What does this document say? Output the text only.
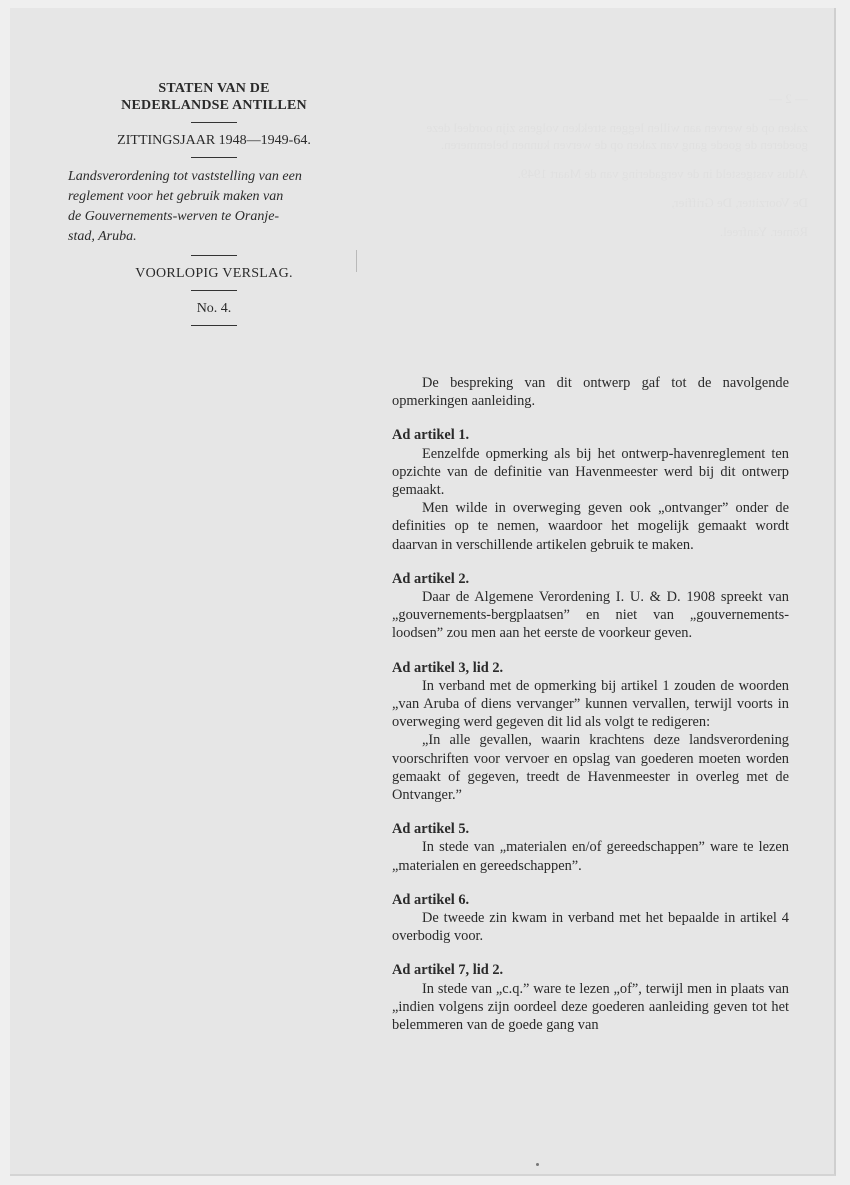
— 2 —

zaken op de werven aan willen leggen strekken volgens zijn oordeel deze goederen de goede gang van zaken op de werven kunnen belemmeren.

Aldus vastgesteld in de vergadering van de Maart 1949.

De Voorzitter, De Griffier,

Römer. Yanfreel.

STATEN VAN DE
NEDERLANDSE ANTILLEN
ZITTINGSJAAR 1948—1949-64.
Landsverordening tot vaststelling van een
reglement voor het gebruik maken van
de Gouvernements-werven te Oranje-
stad, Aruba.
VOORLOPIG VERSLAG.
No. 4.

De bespreking van dit ontwerp gaf tot de navolgende opmerkingen aanleiding.

Ad artikel 1.

Eenzelfde opmerking als bij het ontwerp-havenreglement ten opzichte van de definitie van Havenmeester werd bij dit ontwerp gemaakt.

Men wilde in overweging geven ook „ontvanger” onder de definities op te nemen, waardoor het mogelijk gemaakt wordt daarvan in verschillende artikelen gebruik te maken.

Ad artikel 2.

Daar de Algemene Verordening I. U. & D. 1908 spreekt van „gouvernements-bergplaatsen” en niet van „gouvernements-loodsen” zou men aan het eerste de voorkeur geven.

Ad artikel 3, lid 2.

In verband met de opmerking bij artikel 1 zouden de woorden „van Aruba of diens vervanger” kunnen vervallen, terwijl voorts in overweging werd gegeven dit lid als volgt te redigeren:

„In alle gevallen, waarin krachtens deze landsverordening voorschriften voor vervoer en opslag van goederen moeten worden gemaakt of gegeven, treedt de Havenmeester in overleg met de Ontvanger.”

Ad artikel 5.

In stede van „materialen en/of gereedschappen” ware te lezen „materialen en gereedschappen”.

Ad artikel 6.

De tweede zin kwam in verband met het bepaalde in artikel 4 overbodig voor.

Ad artikel 7, lid 2.

In stede van „c.q.” ware te lezen „of”, terwijl men in plaats van „indien volgens zijn oordeel deze goederen aanleiding geven tot het belemmeren van de goede gang van
